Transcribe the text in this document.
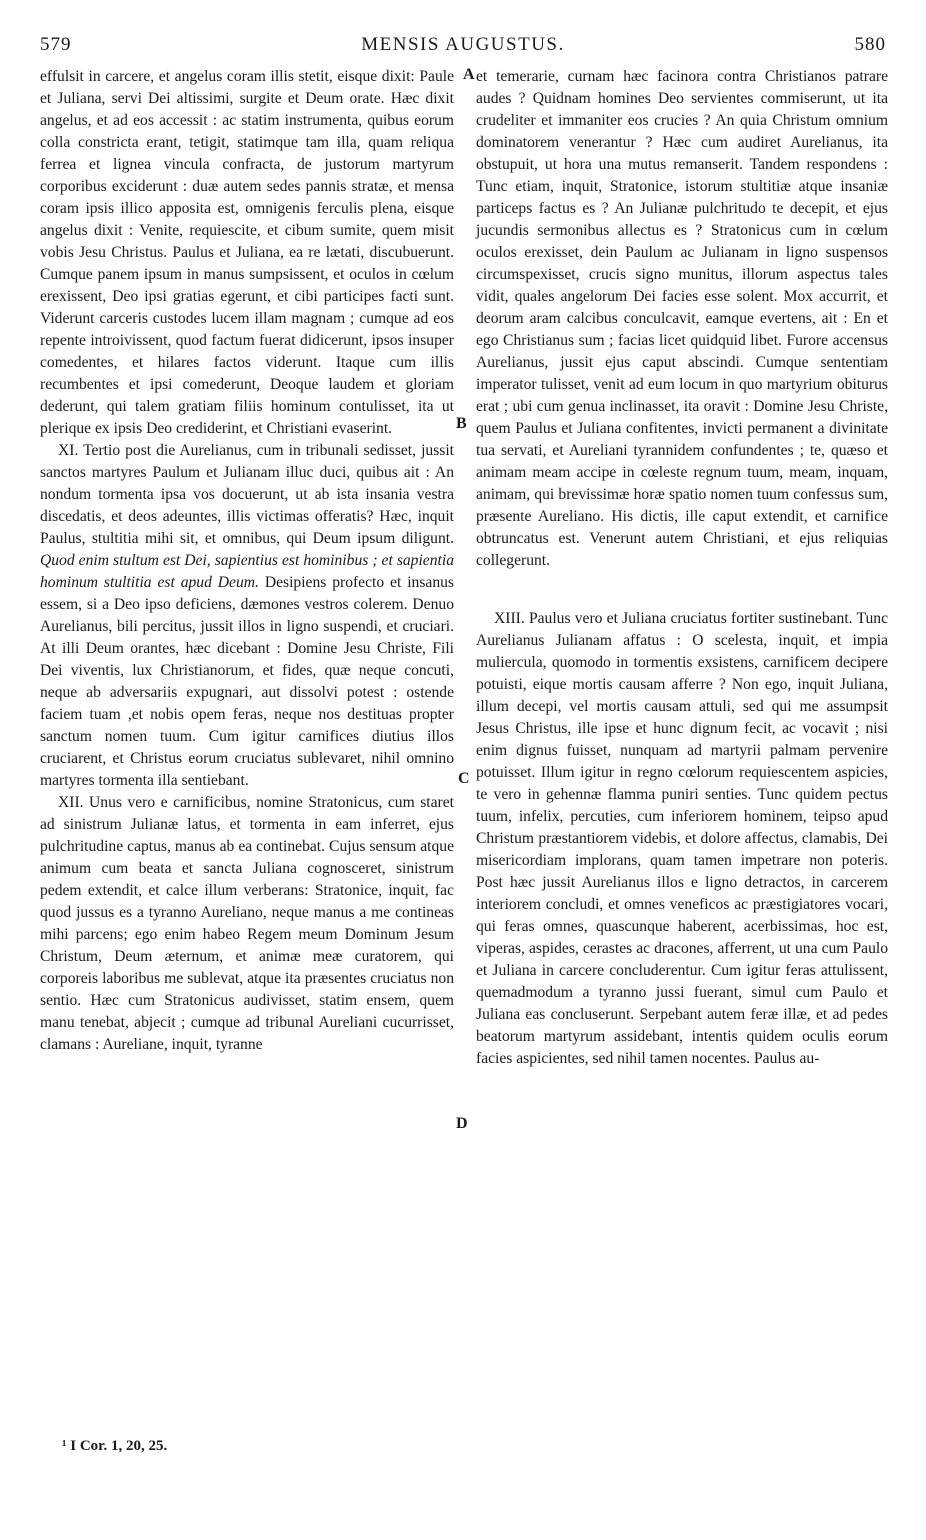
579	MENSIS AUGUSTUS.	580

effulsit in carcere, et angelus coram illis stetit, eisque dixit: Paule et Juliana, servi Dei altissimi, surgite et Deum orate. Hæc dixit angelus, et ad eos accessit : ac statim instrumenta, quibus eorum colla constricta erant, tetigit, statimque tam illa, quam reliqua ferrea et lignea vincula confracta, de justorum martyrum corporibus exciderunt : duæ autem sedes pannis stratæ, et mensa coram ipsis illico apposita est, omnigenis ferculis plena, eisque angelus dixit : Venite, requiescite, et cibum sumite, quem misit vobis Jesu Christus. Paulus et Juliana, ea re lætati, discubuerunt. Cumque panem ipsum in manus sumpsissent, et oculos in cœlum erexissent, Deo ipsi gratias egerunt, et cibi participes facti sunt. Viderunt carceris custodes lucem illam magnam ; cumque ad eos repente introivissent, quod factum fuerat didicerunt, ipsos insuper comedentes, et hilares factos viderunt. Itaque cum illis recumbentes et ipsi comederunt, Deoque laudem et gloriam dederunt, qui talem gratiam filiis hominum contulisset, ita ut plerique ex ipsis Deo crediderint, et Christiani evaserint.

XI. Tertio post die Aurelianus, cum in tribunali sedisset, jussit sanctos martyres Paulum et Julianam illuc duci, quibus ait : An nondum tormenta ipsa vos docuerunt, ut ab ista insania vestra discedatis, et deos adeuntes, illis victimas offeratis? Hæc, inquit Paulus, stultitia mihi sit, et omnibus, qui Deum ipsum diligunt. Quod enim stultum est Dei, sapientius est hominibus ; et sapientia hominum stultitia est apud Deum. Desipiens profecto et insanus essem, si a Deo ipso deficiens, dæmones vestros colerem. Denuo Aurelianus, bili percitus, jussit illos in ligno suspendi, et cruciari. At illi Deum orantes, hæc dicebant : Domine Jesu Christe, Fili Dei viventis, lux Christianorum, et fides, quæ neque concuti, neque ab adversariis expugnari, aut dissolvi potest : ostende faciem tuam ,et nobis opem feras, neque nos destituas propter sanctum nomen tuum. Cum igitur carnifices diutius illos cruciarent, et Christus eorum cruciatus sublevaret, nihil omnino martyres tormenta illa sentiebant.

XII. Unus vero e carnificibus, nomine Stratonicus, cum staret ad sinistrum Julianæ latus, et tormenta in eam inferret, ejus pulchritudine captus, manus ab ea continebat. Cujus sensum atque animum cum beata et sancta Juliana cognosceret, sinistrum pedem extendit, et calce illum verberans: Stratonice, inquit, fac quod jussus es a tyranno Aureliano, neque manus a me contineas mihi parcens; ego enim habeo Regem meum Dominum Jesum Christum, Deum æternum, et animæ meæ curatorem, qui corporeis laboribus me sublevat, atque ita præsentes cruciatus non sentio. Hæc cum Stratonicus audivisset, statim ensem, quem manu tenebat, abjecit ; cumque ad tribunal Aureliani cucurrisset, clamans : Aureliane, inquit, tyranne

A
B
C
D

et temerarie, curnam hæc facinora contra Christianos patrare audes ? Quidnam homines Deo servientes commiserunt, ut ita crudeliter et immaniter eos crucies ? An quia Christum omnium dominatorem venerantur ? Hæc cum audiret Aurelianus, ita obstupuit, ut hora una mutus remanserit. Tandem respondens : Tunc etiam, inquit, Stratonice, istorum stultitiæ atque insaniæ particeps factus es ? An Julianæ pulchritudo te decepit, et ejus jucundis sermonibus allectus es ? Stratonicus cum in cœlum oculos erexisset, dein Paulum ac Julianam in ligno suspensos circumspexisset, crucis signo munitus, illorum aspectus tales vidit, quales angelorum Dei facies esse solent. Mox accurrit, et deorum aram calcibus conculcavit, eamque evertens, ait : En et ego Christianus sum ; facias licet quidquid libet. Furore accensus Aurelianus, jussit ejus caput abscindi. Cumque sententiam imperator tulisset, venit ad eum locum in quo martyrium obiturus erat ; ubi cum genua inclinasset, ita oravit : Domine Jesu Christe, quem Paulus et Juliana confitentes, invicti permanent a divinitate tua servati, et Aureliani tyrannidem confundentes ; te, quæso et animam meam accipe in cœleste regnum tuum, meam, inquam, animam, qui brevissimæ horæ spatio nomen tuum confessus sum, præsente Aureliano. His dictis, ille caput extendit, et carnifice obtruncatus est. Venerunt autem Christiani, et ejus reliquias collegerunt.

XIII. Paulus vero et Juliana cruciatus fortiter sustinebant. Tunc Aurelianus Julianam affatus : O scelesta, inquit, et impia muliercula, quomodo in tormentis exsistens, carnificem decipere potuisti, eique mortis causam afferre ? Non ego, inquit Juliana, illum decepi, vel mortis causam attuli, sed qui me assumpsit Jesus Christus, ille ipse et hunc dignum fecit, ac vocavit ; nisi enim dignus fuisset, nunquam ad martyrii palmam pervenire potuisset. Illum igitur in regno cœlorum requiescentem aspicies, te vero in gehennæ flamma puniri senties. Tunc quidem pectus tuum, infelix, percuties, cum inferiorem hominem, teipso apud Christum præstantiorem videbis, et dolore affectus, clamabis, Dei misericordiam implorans, quam tamen impetrare non poteris. Post hæc jussit Aurelianus illos e ligno detractos, in carcerem interiorem concludi, et omnes veneficos ac præstigiatores vocari, qui feras omnes, quascunque haberent, acerbissimas, hoc est, viperas, aspides, cerastes ac dracones, afferrent, ut una cum Paulo et Juliana in carcere concluderentur. Cum igitur feras attulissent, quemadmodum a tyranno jussi fuerant, simul cum Paulo et Juliana eas concluserunt. Serpebant autem feræ illæ, et ad pedes beatorum martyrum assidebant, intentis quidem oculis eorum facies aspicientes, sed nihil tamen nocentes. Paulus au-

¹ I Cor. 1, 20, 25.
